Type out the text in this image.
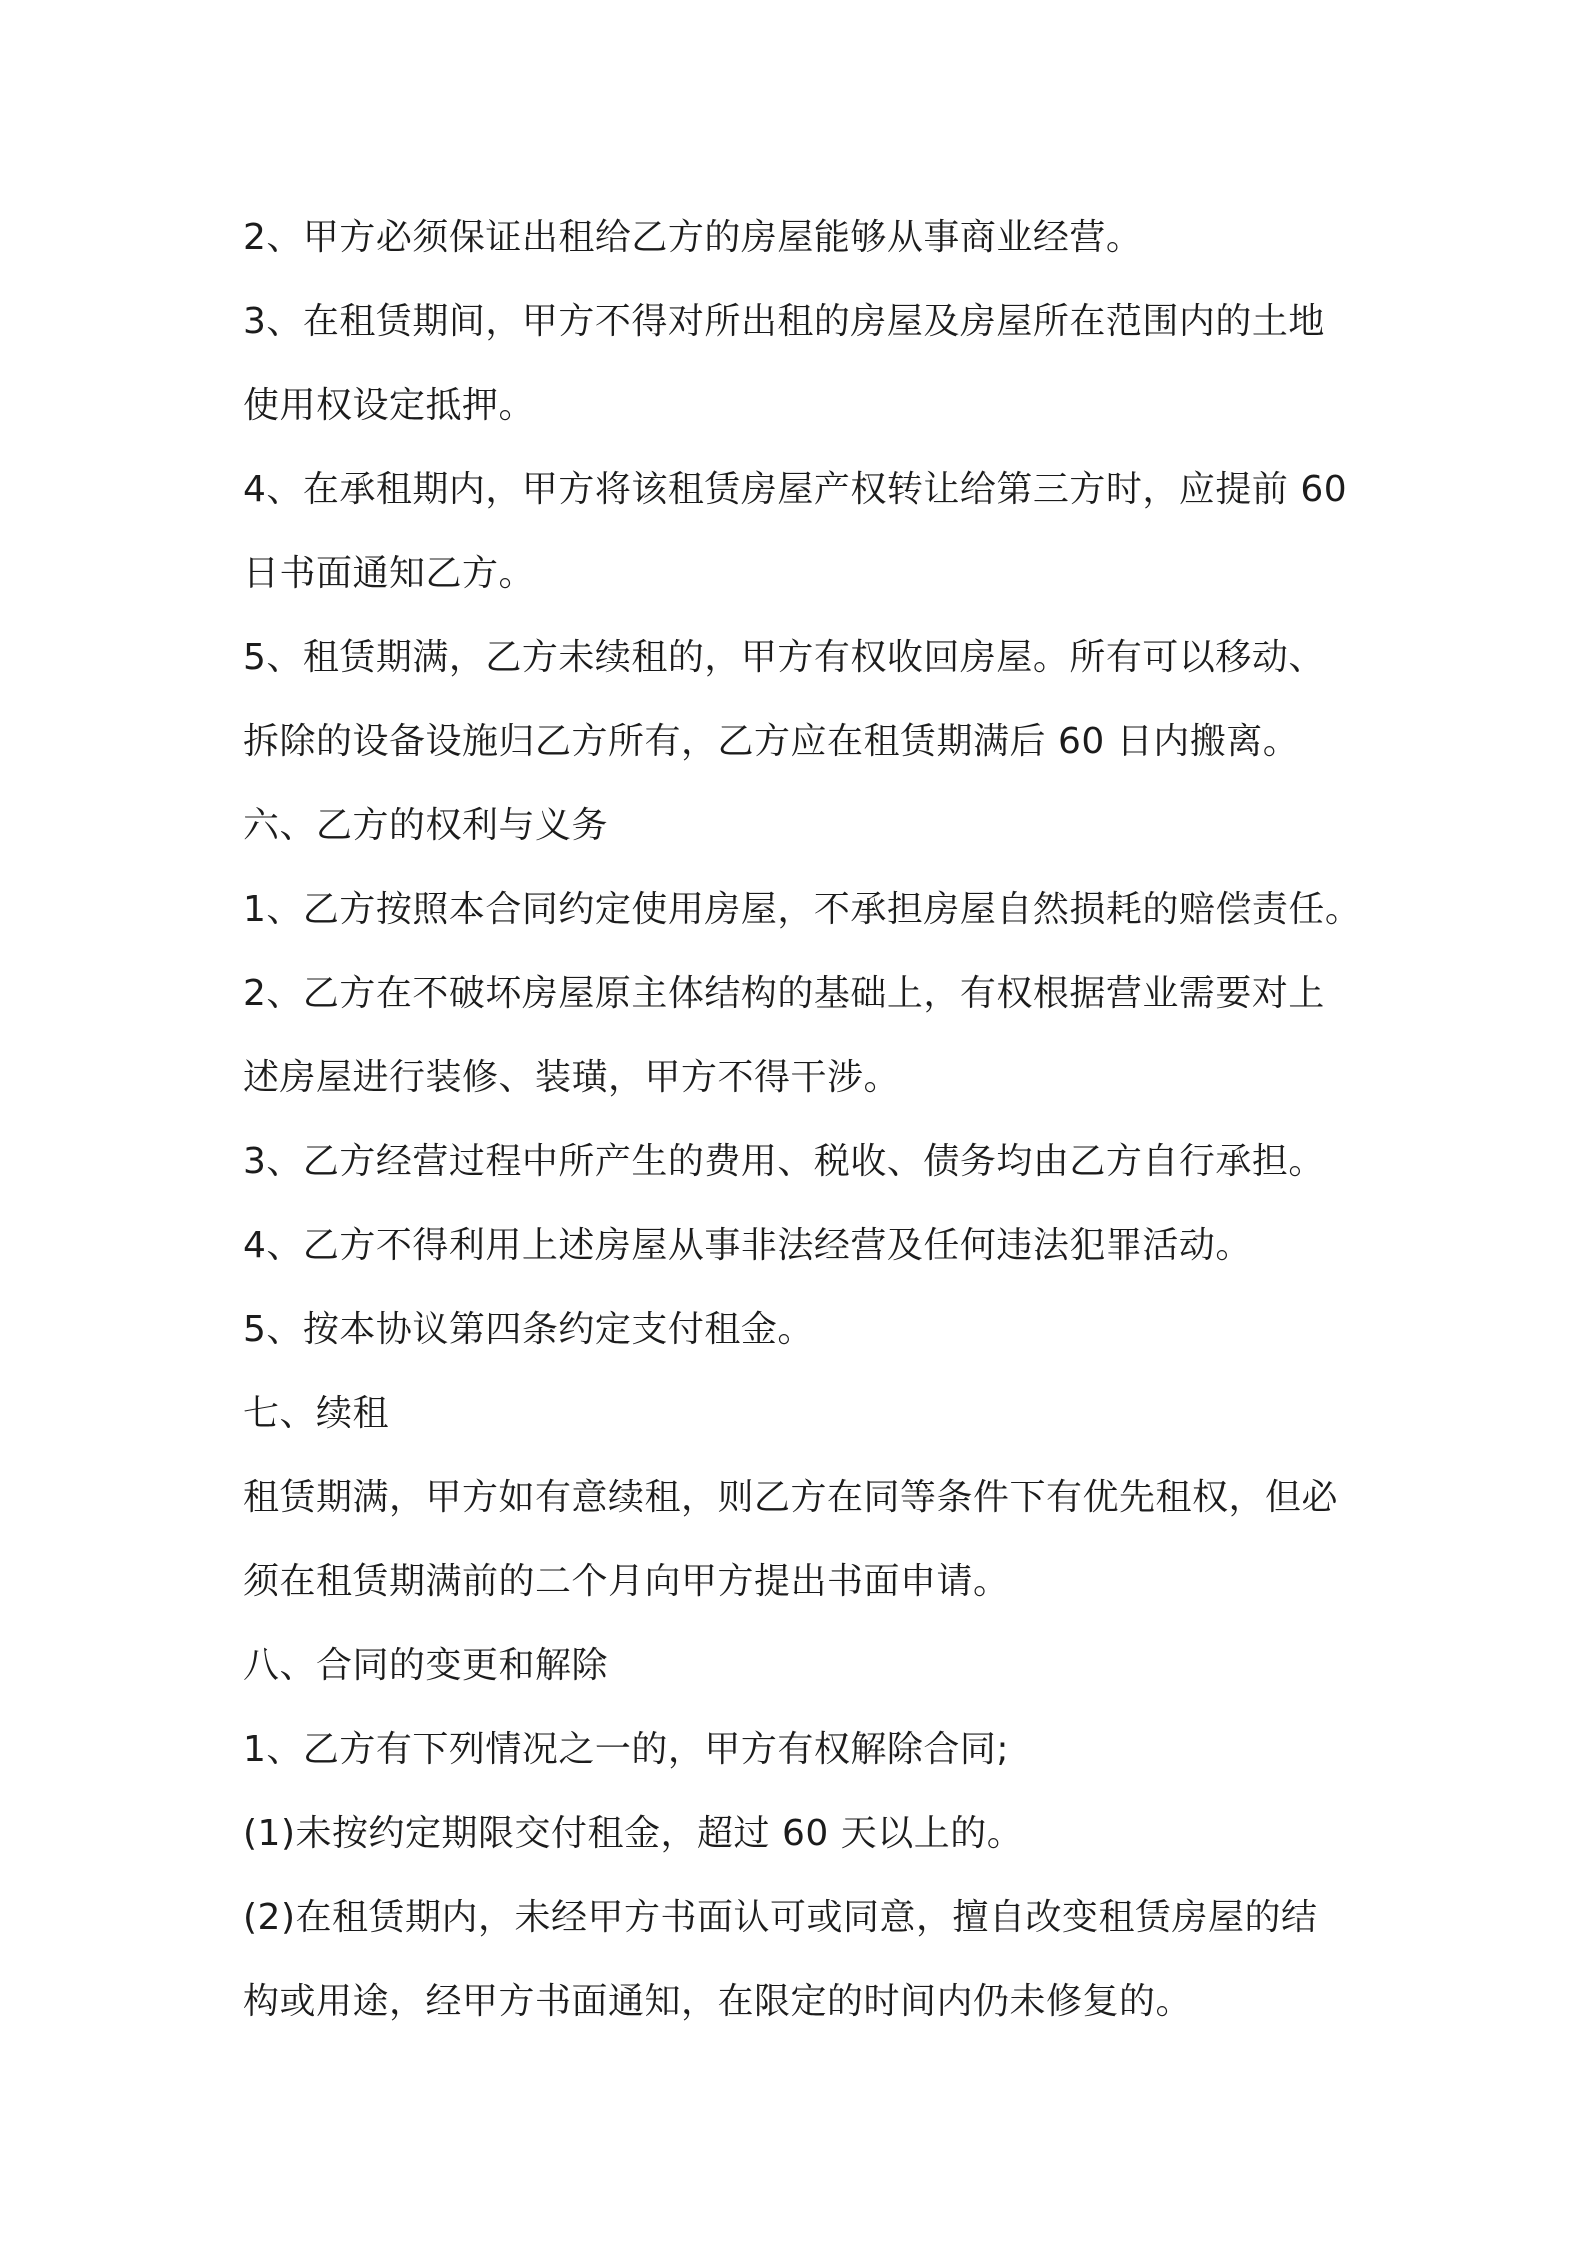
2、甲方必须保证出租给乙方的房屋能够从事商业经营。
3、在租赁期间，甲方不得对所出租的房屋及房屋所在范围内的土地
使用权设定抵押。
4、在承租期内，甲方将该租赁房屋产权转让给第三方时，应提前 60
日书面通知乙方。
5、租赁期满，乙方未续租的，甲方有权收回房屋。所有可以移动、
拆除的设备设施归乙方所有，乙方应在租赁期满后 60 日内搬离。
六、乙方的权利与义务
1、乙方按照本合同约定使用房屋，不承担房屋自然损耗的赔偿责任。
2、乙方在不破坏房屋原主体结构的基础上，有权根据营业需要对上
述房屋进行装修、装璜，甲方不得干涉。
3、乙方经营过程中所产生的费用、税收、债务均由乙方自行承担。
4、乙方不得利用上述房屋从事非法经营及任何违法犯罪活动。
5、按本协议第四条约定支付租金。
七、续租
租赁期满，甲方如有意续租，则乙方在同等条件下有优先租权，但必
须在租赁期满前的二个月向甲方提出书面申请。
八、合同的变更和解除
1、乙方有下列情况之一的，甲方有权解除合同;
(1)未按约定期限交付租金，超过 60 天以上的。
(2)在租赁期内，未经甲方书面认可或同意，擅自改变租赁房屋的结
构或用途，经甲方书面通知，在限定的时间内仍未修复的。
